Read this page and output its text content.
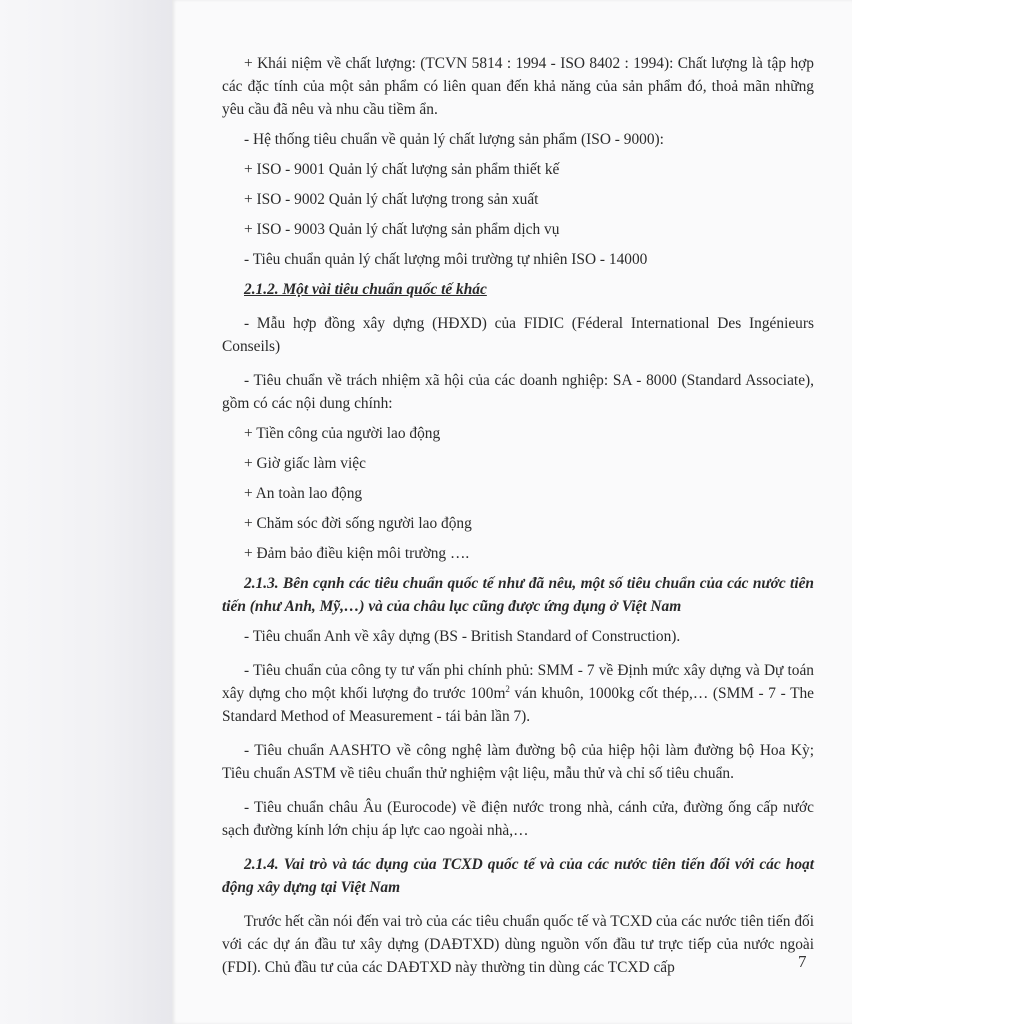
+ Khái niệm về chất lượng: (TCVN 5814 : 1994 - ISO 8402 : 1994): Chất lượng là tập hợp các đặc tính của một sản phẩm có liên quan đến khả năng của sản phẩm đó, thoả mãn những yêu cầu đã nêu và nhu cầu tiềm ẩn.

- Hệ thống tiêu chuẩn về quản lý chất lượng sản phẩm (ISO - 9000):

+ ISO - 9001 Quản lý chất lượng sản phẩm thiết kế

+ ISO - 9002 Quản lý chất lượng trong sản xuất

+ ISO - 9003 Quản lý chất lượng sản phẩm dịch vụ

- Tiêu chuẩn quản lý chất lượng môi trường tự nhiên ISO - 14000

2.1.2. Một vài tiêu chuẩn quốc tế khác

- Mẫu hợp đồng xây dựng (HĐXD) của FIDIC (Féderal International Des Ingénieurs Conseils)

- Tiêu chuẩn về trách nhiệm xã hội của các doanh nghiệp: SA - 8000 (Standard Associate), gồm có các nội dung chính:

+ Tiền công của người lao động

+ Giờ giấc làm việc

+ An toàn lao động

+ Chăm sóc đời sống người lao động

+ Đảm bảo điều kiện môi trường ….

2.1.3. Bên cạnh các tiêu chuẩn quốc tế như đã nêu, một số tiêu chuẩn của các nước tiên tiến (như Anh, Mỹ,…) và của châu lục cũng được ứng dụng ở Việt Nam

- Tiêu chuẩn Anh về xây dựng (BS - British Standard of Construction).

- Tiêu chuẩn của công ty tư vấn phi chính phủ: SMM - 7 về Định mức xây dựng và Dự toán xây dựng cho một khối lượng đo trước $100m^2$ ván khuôn, 1000kg cốt thép,… (SMM - 7 - The Standard Method of Measurement - tái bản lần 7).

- Tiêu chuẩn AASHTO về công nghệ làm đường bộ của hiệp hội làm đường bộ Hoa Kỳ; Tiêu chuẩn ASTM về tiêu chuẩn thử nghiệm vật liệu, mẫu thử và chỉ số tiêu chuẩn.

- Tiêu chuẩn châu Âu (Eurocode) về điện nước trong nhà, cánh cửa, đường ống cấp nước sạch đường kính lớn chịu áp lực cao ngoài nhà,…

2.1.4. Vai trò và tác dụng của TCXD quốc tế và của các nước tiên tiến đối với các hoạt động xây dựng tại Việt Nam

Trước hết cần nói đến vai trò của các tiêu chuẩn quốc tế và TCXD của các nước tiên tiến đối với các dự án đầu tư xây dựng (DAĐTXD) dùng nguồn vốn đầu tư trực tiếp của nước ngoài (FDI). Chủ đầu tư của các DAĐTXD này thường tin dùng các TCXD cấp	7
